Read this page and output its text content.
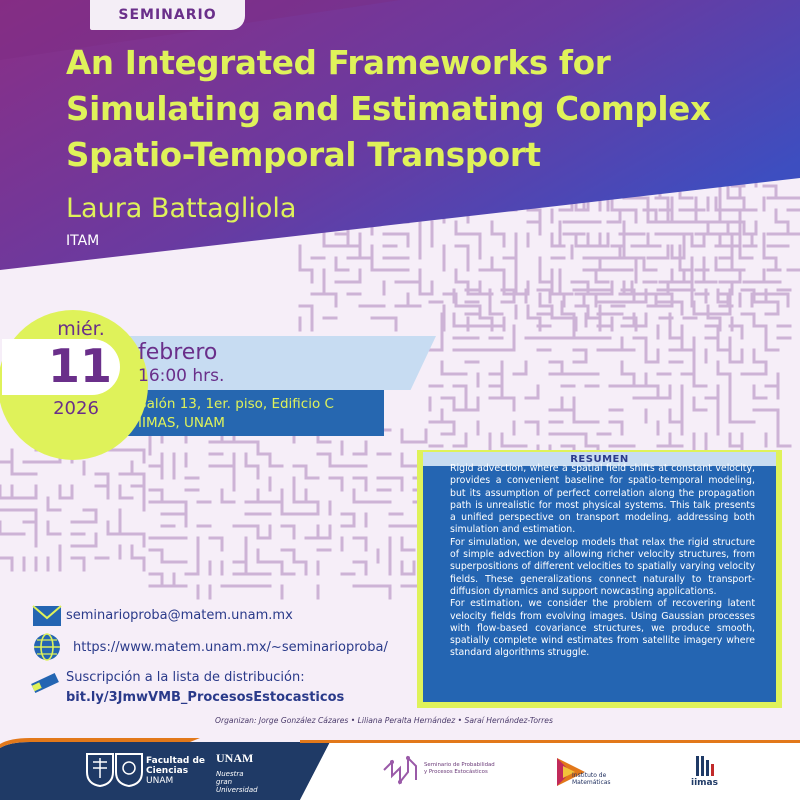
SEMINARIO
An Integrated Frameworks for
Simulating and Estimating Complex
Spatio-Temporal Transport
Laura Battagliola
ITAM
miér.
11
2026
febrero
16:00 hrs.
Salón 13, 1er. piso, Edificio C
IIMAS, UNAM
RESUMEN

Rigid advection, where a spatial field shifts at constant velocity, provides a convenient baseline for spatio-temporal modeling, but its assumption of perfect correlation along the propagation path is unrealistic for most physical systems. This talk presents a unified perspective on transport modeling, addressing both simulation and estimation.

For simulation, we develop models that relax the rigid structure of simple advection by allowing richer velocity structures, from superpositions of different velocities to spatially varying velocity fields. These generalizations connect naturally to transport-diffusion dynamics and support nowcasting applications.

For estimation, we consider the problem of recovering latent velocity fields from evolving images. Using Gaussian processes with flow-based covariance structures, we produce smooth, spatially complete wind estimates from satellite imagery where standard algorithms struggle.

seminarioproba@matem.unam.mx
https://www.matem.unam.mx/~seminarioproba/
Suscripción a la lista de distribución:
bit.ly/3JmwVMB_ProcesosEstocasticos
Organizan: Jorge González Cázares • Liliana Peralta Hernández • Saraí Hernández-Torres
Facultad de
Ciencias
UNAM
UNAM
Nuestra gran Universidad
Seminario de Probabilidad
y Procesos Estocásticos
Instituto de
Matemáticas	iimas
